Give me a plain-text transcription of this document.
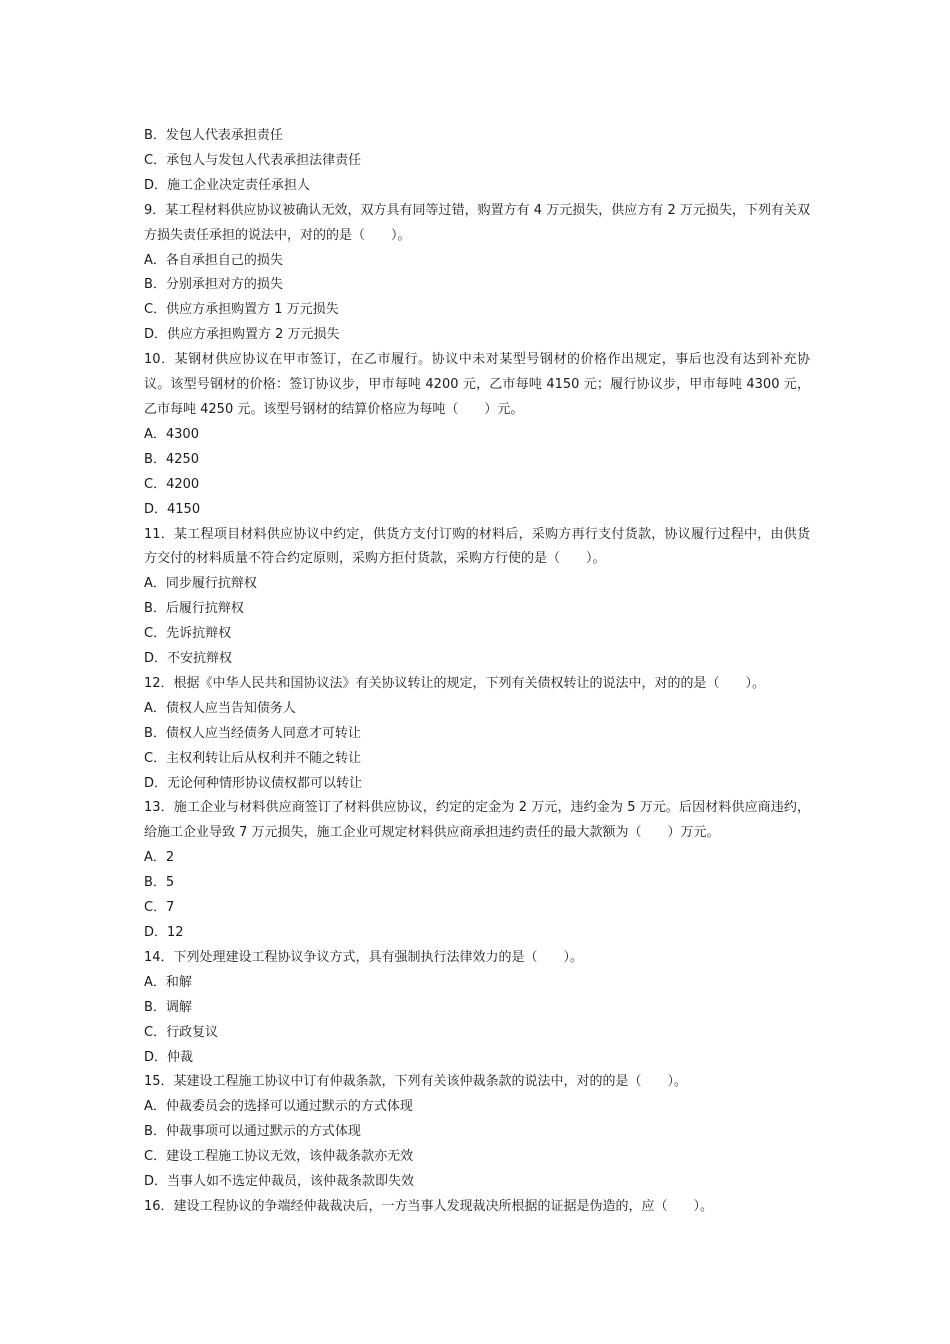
B．发包人代表承担责任
C．承包人与发包人代表承担法律责任
D．施工企业决定责任承担人
9．某工程材料供应协议被确认无效，双方具有同等过错，购置方有 4 万元损失，供应方有 2 万元损失，下列有关双方损失责任承担的说法中，对的的是（　　）。
A．各自承担自己的损失
B．分别承担对方的损失
C．供应方承担购置方 1 万元损失
D．供应方承担购置方 2 万元损失
10．某钢材供应协议在甲市签订，在乙市履行。协议中未对某型号钢材的价格作出规定，事后也没有达到补充协议。该型号钢材的价格：签订协议步，甲市每吨 4200 元，乙市每吨 4150 元；履行协议步，甲市每吨 4300 元，乙市每吨 4250 元。该型号钢材的结算价格应为每吨（　　）元。
A．4300
B．4250
C．4200
D．4150
11．某工程项目材料供应协议中约定，供货方支付订购的材料后，采购方再行支付货款，协议履行过程中，由供货方交付的材料质量不符合约定原则，采购方拒付货款，采购方行使的是（　　）。
A．同步履行抗辩权
B．后履行抗辩权
C．先诉抗辩权
D．不安抗辩权
12．根据《中华人民共和国协议法》有关协议转让的规定，下列有关债权转让的说法中，对的的是（　　）。
A．债权人应当告知债务人
B．债权人应当经债务人同意才可转让
C．主权利转让后从权利并不随之转让
D．无论何种情形协议债权都可以转让
13．施工企业与材料供应商签订了材料供应协议，约定的定金为 2 万元，违约金为 5 万元。后因材料供应商违约，给施工企业导致 7 万元损失，施工企业可规定材料供应商承担违约责任的最大款额为（　　）万元。
A．2
B．5
C．7
D．12
14．下列处理建设工程协议争议方式，具有强制执行法律效力的是（　　）。
A．和解
B．调解
C．行政复议
D．仲裁
15．某建设工程施工协议中订有仲裁条款，下列有关该仲裁条款的说法中，对的的是（　　）。
A．仲裁委员会的选择可以通过默示的方式体现
B．仲裁事项可以通过默示的方式体现
C．建设工程施工协议无效，该仲裁条款亦无效
D．当事人如不选定仲裁员，该仲裁条款即失效
16．建设工程协议的争端经仲裁裁决后，一方当事人发现裁决所根据的证据是伪造的，应（　　）。
